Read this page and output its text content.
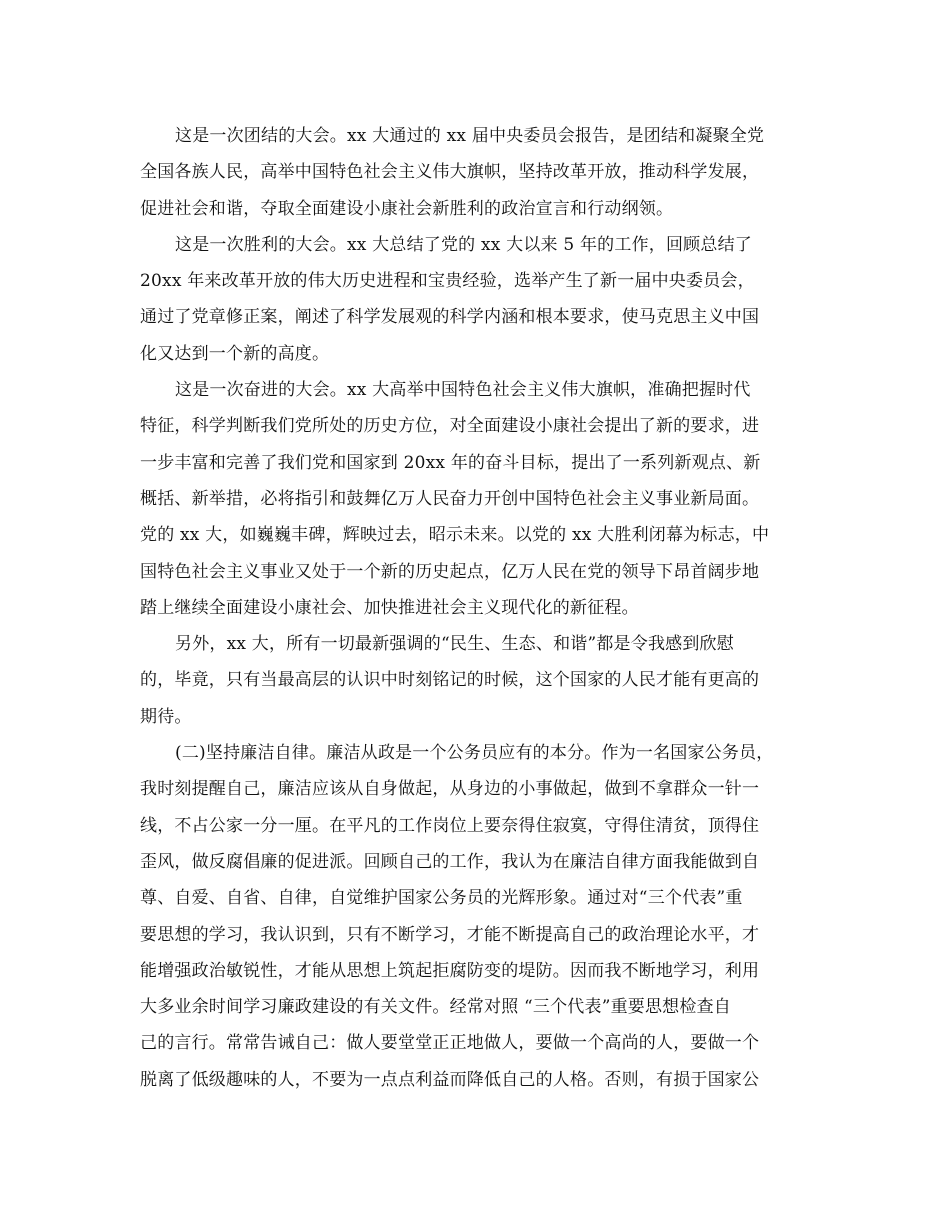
这是一次团结的大会。xx 大通过的 xx 届中央委员会报告，是团结和凝聚全党
全国各族人民，高举中国特色社会主义伟大旗帜，坚持改革开放，推动科学发展，
促进社会和谐，夺取全面建设小康社会新胜利的政治宣言和行动纲领。
这是一次胜利的大会。xx 大总结了党的 xx 大以来 5 年的工作，回顾总结了
20xx 年来改革开放的伟大历史进程和宝贵经验，选举产生了新一届中央委员会，
通过了党章修正案，阐述了科学发展观的科学内涵和根本要求，使马克思主义中国
化又达到一个新的高度。
这是一次奋进的大会。xx 大高举中国特色社会主义伟大旗帜，准确把握时代
特征，科学判断我们党所处的历史方位，对全面建设小康社会提出了新的要求，进
一步丰富和完善了我们党和国家到 20xx 年的奋斗目标，提出了一系列新观点、新
概括、新举措，必将指引和鼓舞亿万人民奋力开创中国特色社会主义事业新局面。
党的 xx 大，如巍巍丰碑，辉映过去，昭示未来。以党的 xx 大胜利闭幕为标志，中
国特色社会主义事业又处于一个新的历史起点，亿万人民在党的领导下昂首阔步地
踏上继续全面建设小康社会、加快推进社会主义现代化的新征程。
另外，xx 大，所有一切最新强调的“民生、生态、和谐”都是令我感到欣慰
的，毕竟，只有当最高层的认识中时刻铭记的时候，这个国家的人民才能有更高的
期待。
(二)坚持廉洁自律。廉洁从政是一个公务员应有的本分。作为一名国家公务员，
我时刻提醒自己，廉洁应该从自身做起，从身边的小事做起，做到不拿群众一针一
线，不占公家一分一厘。在平凡的工作岗位上要奈得住寂寞，守得住清贫，顶得住
歪风，做反腐倡廉的促进派。回顾自己的工作，我认为在廉洁自律方面我能做到自
尊、自爱、自省、自律，自觉维护国家公务员的光辉形象。通过对“三个代表”重
要思想的学习，我认识到，只有不断学习，才能不断提高自己的政治理论水平，才
能增强政治敏锐性，才能从思想上筑起拒腐防变的堤防。因而我不断地学习，利用
大多业余时间学习廉政建设的有关文件。经常对照 “三个代表”重要思想检查自
己的言行。常常告诫自己：做人要堂堂正正地做人，要做一个高尚的人，要做一个
脱离了低级趣味的人，不要为一点点利益而降低自己的人格。否则，有损于国家公
